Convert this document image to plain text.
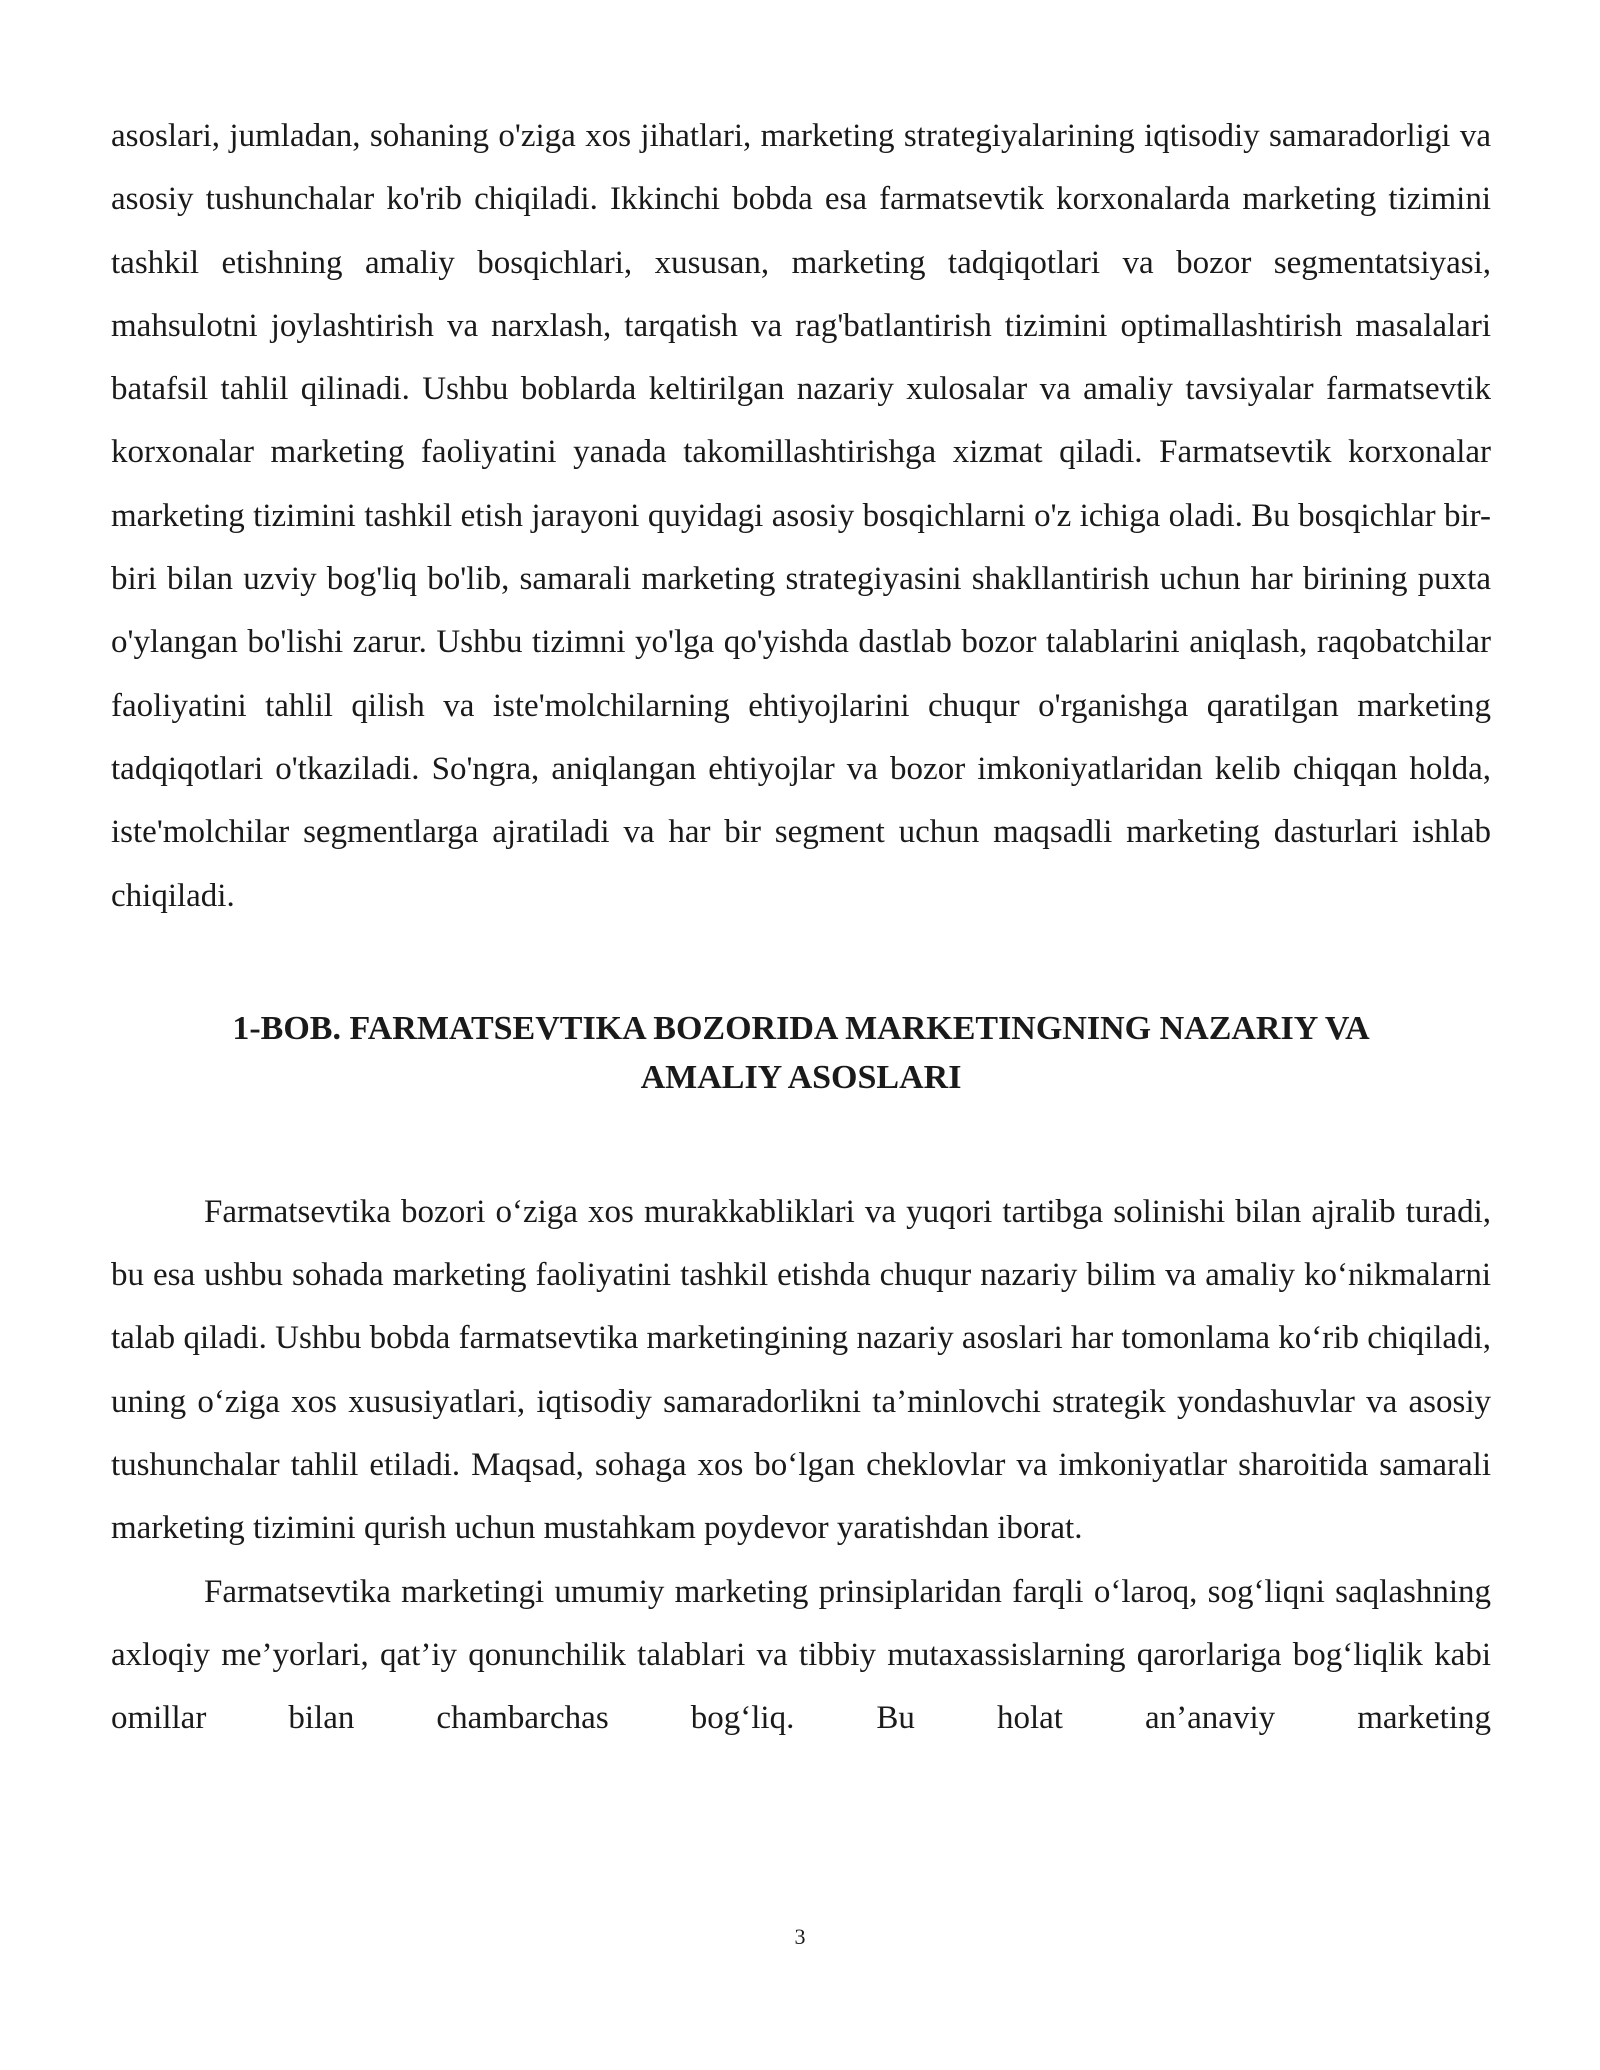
asoslari, jumladan, sohaning o'ziga xos jihatlari, marketing strategiyalarining iqtisodiy samaradorligi va asosiy tushunchalar ko'rib chiqiladi. Ikkinchi bobda esa farmatsevtik korxonalarda marketing tizimini tashkil etishning amaliy bosqichlari, xususan, marketing tadqiqotlari va bozor segmentatsiyasi, mahsulotni joylashtirish va narxlash, tarqatish va rag'batlantirish tizimini optimallashtirish masalalari batafsil tahlil qilinadi. Ushbu boblarda keltirilgan nazariy xulosalar va amaliy tavsiyalar farmatsevtik korxonalar marketing faoliyatini yanada takomillashtirishga xizmat qiladi. Farmatsevtik korxonalar marketing tizimini tashkil etish jarayoni quyidagi asosiy bosqichlarni o'z ichiga oladi. Bu bosqichlar bir-biri bilan uzviy bog'liq bo'lib, samarali marketing strategiyasini shakllantirish uchun har birining puxta o'ylangan bo'lishi zarur. Ushbu tizimni yo'lga qo'yishda dastlab bozor talablarini aniqlash, raqobatchilar faoliyatini tahlil qilish va iste'molchilarning ehtiyojlarini chuqur o'rganishga qaratilgan marketing tadqiqotlari o'tkaziladi. So'ngra, aniqlangan ehtiyojlar va bozor imkoniyatlaridan kelib chiqqan holda, iste'molchilar segmentlarga ajratiladi va har bir segment uchun maqsadli marketing dasturlari ishlab chiqiladi.

1-BOB. FARMATSEVTIKA BOZORIDA MARKETINGNING NAZARIY VA
AMALIY ASOSLARI

Farmatsevtika bozori o‘ziga xos murakkabliklari va yuqori tartibga solinishi bilan ajralib turadi, bu esa ushbu sohada marketing faoliyatini tashkil etishda chuqur nazariy bilim va amaliy ko‘nikmalarni talab qiladi. Ushbu bobda farmatsevtika marketingining nazariy asoslari har tomonlama ko‘rib chiqiladi, uning o‘ziga xos xususiyatlari, iqtisodiy samaradorlikni ta’minlovchi strategik yondashuvlar va asosiy tushunchalar tahlil etiladi. Maqsad, sohaga xos bo‘lgan cheklovlar va imkoniyatlar sharoitida samarali marketing tizimini qurish uchun mustahkam poydevor yaratishdan iborat.

Farmatsevtika marketingi umumiy marketing prinsiplaridan farqli o‘laroq, sog‘liqni saqlashning axloqiy me’yorlari, qat’iy qonunchilik talablari va tibbiy mutaxassislarning qarorlariga bog‘liqlik kabi omillar bilan chambarchas bog‘liq. Bu holat an’anaviy marketing

3
